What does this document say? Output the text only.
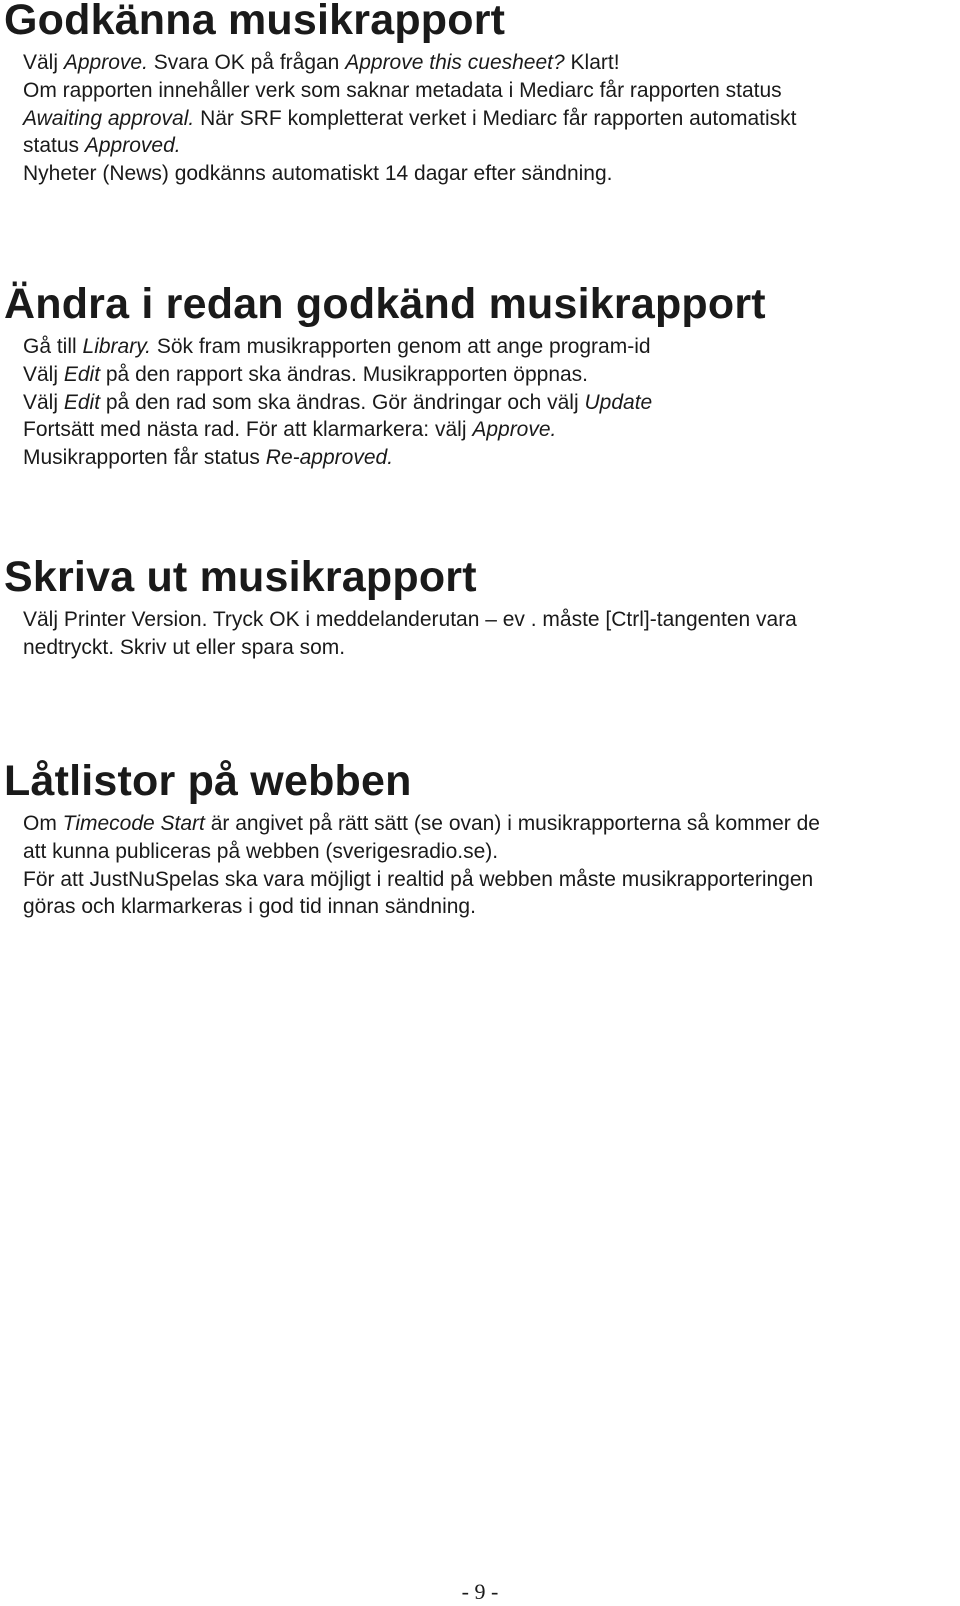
Godkänna musikrapport
Välj Approve. Svara OK på frågan Approve this cuesheet? Klart!
Om rapporten innehåller verk som saknar metadata i Mediarc får rapporten status
Awaiting approval. När SRF kompletterat verket i Mediarc får rapporten automatiskt
status Approved.
Nyheter (News) godkänns automatiskt 14 dagar efter sändning.
Ändra i redan godkänd musikrapport
Gå till Library. Sök fram musikrapporten genom att ange program-id
Välj Edit på den rapport ska ändras. Musikrapporten öppnas.
Välj Edit på den rad som ska ändras. Gör ändringar och välj Update
Fortsätt med nästa rad. För att klarmarkera: välj Approve.
Musikrapporten får status Re-approved.
Skriva ut musikrapport
Välj Printer Version. Tryck OK i meddelanderutan – ev . måste [Ctrl]-tangenten vara
nedtryckt. Skriv ut eller spara som.
Låtlistor på webben
Om Timecode Start är angivet på rätt sätt (se ovan) i musikrapporterna så kommer de
att kunna publiceras på webben (sverigesradio.se).
För att JustNuSpelas ska vara möjligt i realtid på webben måste musikrapporteringen
göras och klarmarkeras i god tid innan sändning.
- 9 -
